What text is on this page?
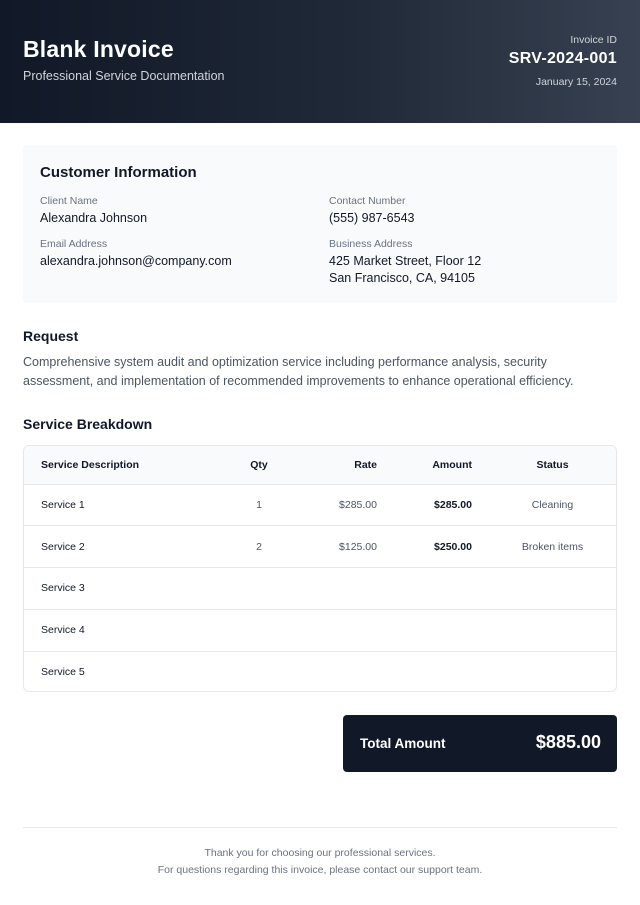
Blank Invoice
Professional Service Documentation
Invoice ID
SRV-2024-001
January 15, 2024
Customer Information
Client Name
Alexandra Johnson
Contact Number
(555) 987-6543
Email Address
alexandra.johnson@company.com
Business Address
425 Market Street, Floor 12
San Francisco, CA, 94105
Request
Comprehensive system audit and optimization service including performance analysis, security assessment, and implementation of recommended improvements to enhance operational efficiency.
Service Breakdown
Service Description	Qty	Rate	Amount	Status
Service 1	1	$285.00	$285.00	Cleaning
Service 2	2	$125.00	$250.00	Broken items
Service 3				
Service 4				
Service 5				
Total Amount	$885.00
Thank you for choosing our professional services.
For questions regarding this invoice, please contact our support team.
